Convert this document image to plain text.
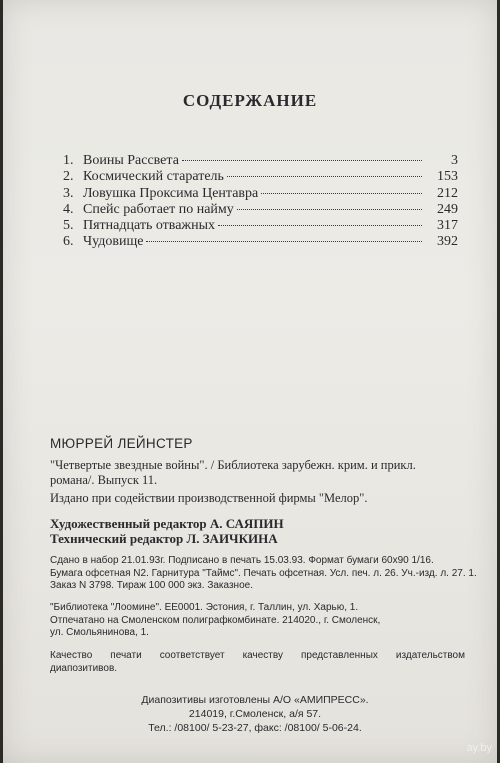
СОДЕРЖАНИЕ
1. Воины Рассвета	3
2. Космический старатель	153
3. Ловушка Проксима Центавра	212
4. Спейс работает по найму	249
5. Пятнадцать отважных	317
6. Чудовище	392
МЮРРЕЙ ЛЕЙНСТЕР
"Четвертые звездные войны". / Библиотека зарубежн. крим. и прикл.
романа/. Выпуск 11.
Издано при содействии производственной фирмы "Мелор".
Художественный редактор А. САЯПИН
Технический редактор Л. ЗАИЧКИНА
Сдано в набор 21.01.93г. Подписано в печать 15.03.93. Формат бумаги 60х90 1/16.
Бумага офсетная N2. Гарнитура "Таймс". Печать офсетная. Усл. печ. л. 26. Уч.-изд. л. 27. 1.
Заказ N 3798. Тираж 100 000 экз. Заказное.
"Библиотека "Лоомине". ЕЕ0001. Эстония, г. Таллин, ул. Харью, 1.
Отпечатано на Смоленском полиграфкомбинате. 214020., г. Смоленск,
ул. Смольянинова, 1.
Качество печати соответствует качеству представленных издательством
диапозитивов.
Диапозитивы изготовлены А/О «АМИПРЕСС».
214019, г.Смоленск, а/я 57.
Тел.: /08100/ 5-23-27, факс: /08100/ 5-06-24.
ay.by
